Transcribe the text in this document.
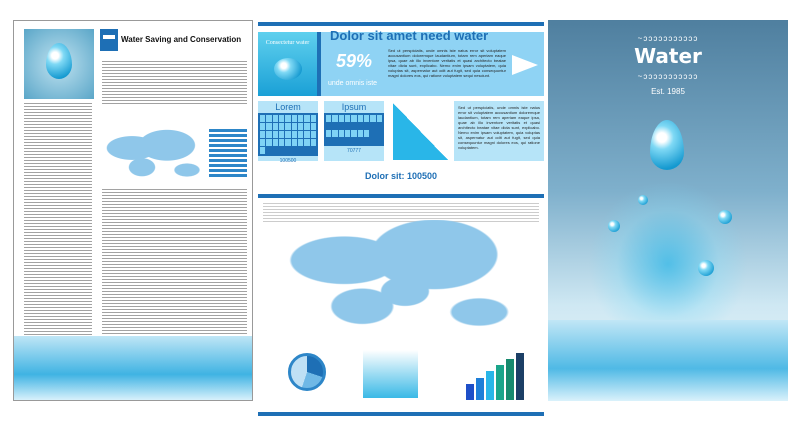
Water Saving and Conservation	Consectetur water	Dolor sit amet need water
59%
unde omnis iste
Sed ut perspiciatis, unde omnis iste natus error sit voluptatem accusantium doloremque laudantium, totam rem aperiam eaque ipsa, quae ab illo inventore veritatis et quasi architecto beatae vitae dicta sunt, explicabo. Nemo enim ipsam voluptatem, quia voluptas sit, aspernatur aut odit aut fugit, sed quia consequuntur magni dolores eos, qui ratione voluptatem sequi nesciunt.
Lorem
100500
Ipsum
70777
Sed ut perspiciatis, unde omnis iste natus error sit voluptatem accusantium doloremque laudantium, totam rem aperiam eaque ipsa, quae ab illo inventore veritatis et quasi architecto beatae vitae dicta sunt, explicabo. Nemo enim ipsam voluptatem, quia voluptas sit, aspernatur aut odit aut fugit, sed quia consequuntur magni dolores eos, qui ratione voluptatem.
Dolor sit: 100500
~ɔɔɔɔɔɔɔɔɔɔɔ
Water
~ɔɔɔɔɔɔɔɔɔɔɔ
Est. 1985
